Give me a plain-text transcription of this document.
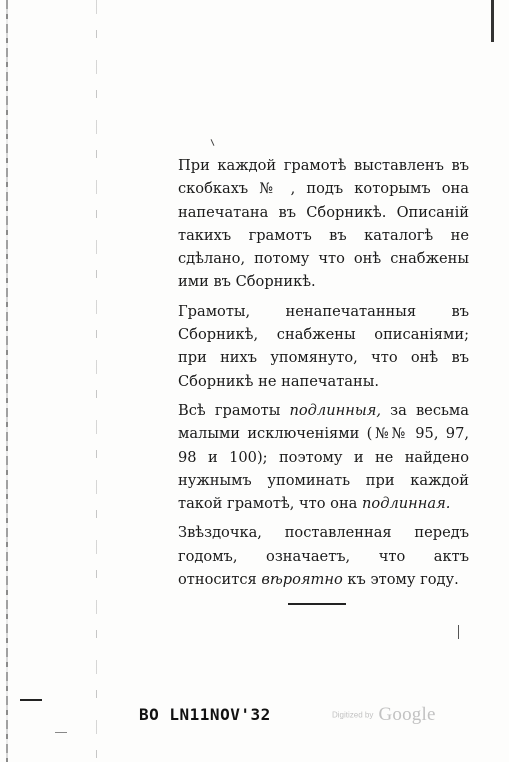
При каждой грамотѣ выставленъ въ скобкахъ № , подъ которымъ она напечатана въ Сборникѣ. Описаній такихъ грамотъ въ каталогѣ не сдѣлано, потому что онѣ снабжены ими въ Сборникѣ.

Грамоты, ненапечатанныя въ Сборникѣ, снабжены описаніями; при нихъ упомянуто, что онѣ въ Сборникѣ не напечатаны.

Всѣ грамоты подлинныя, за весьма малыми исключеніями (№№ 95, 97, 98 и 100); поэтому и не найдено нужнымъ упоминать при каждой такой грамотѣ, что она подлинная.

Звѣздочка, поставленная передъ годомъ, означаетъ, что актъ относится вѣроятно къ этому году.

BO LN11NOV'32	Digitized by Google
